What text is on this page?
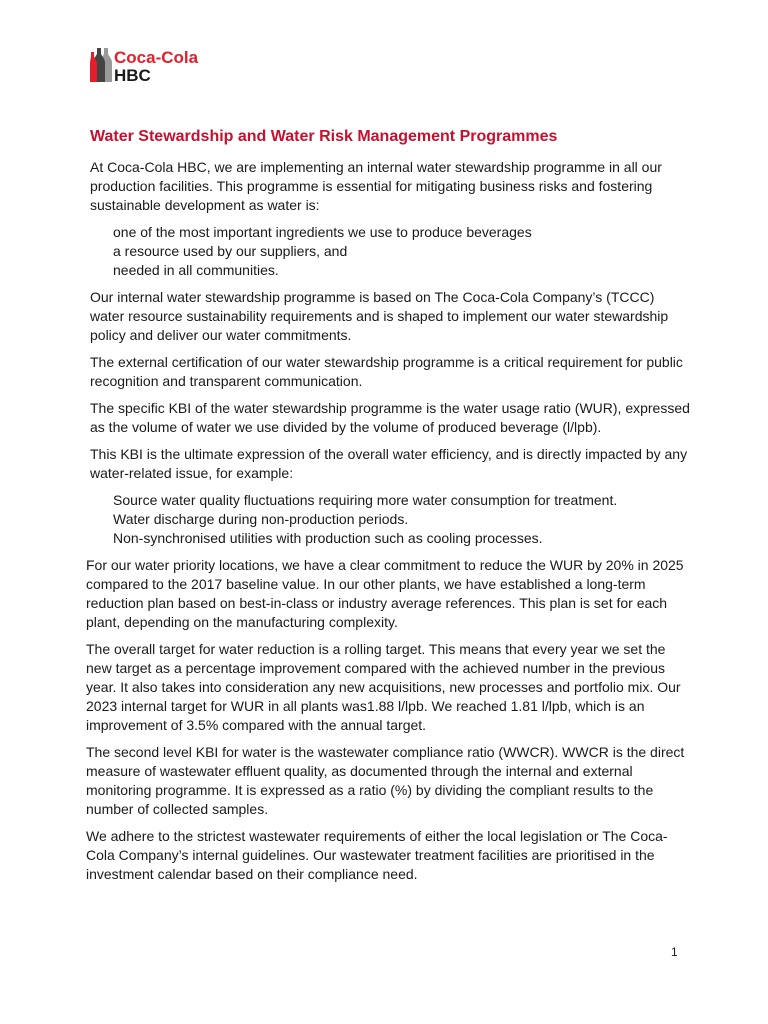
Coca-Cola
HBC
Water Stewardship and Water Risk Management Programmes

At Coca-Cola HBC, we are implementing an internal water stewardship programme in all our production facilities. This programme is essential for mitigating business risks and fostering sustainable development as water is:

one of the most important ingredients we use to produce beverages
a resource used by our suppliers, and
needed in all communities.

Our internal water stewardship programme is based on The Coca-Cola Company’s (TCCC) water resource sustainability requirements and is shaped to implement our water stewardship policy and deliver our water commitments.

The external certification of our water stewardship programme is a critical requirement for public recognition and transparent communication.

The specific KBI of the water stewardship programme is the water usage ratio (WUR), expressed as the volume of water we use divided by the volume of produced beverage (l/lpb).

This KBI is the ultimate expression of the overall water efficiency, and is directly impacted by any water-related issue, for example:

Source water quality fluctuations requiring more water consumption for treatment.
Water discharge during non-production periods.
Non-synchronised utilities with production such as cooling processes.

For our water priority locations, we have a clear commitment to reduce the WUR by 20% in 2025 compared to the 2017 baseline value. In our other plants, we have established a long-term reduction plan based on best-in-class or industry average references. This plan is set for each plant, depending on the manufacturing complexity.

The overall target for water reduction is a rolling target. This means that every year we set the new target as a percentage improvement compared with the achieved number in the previous year. It also takes into consideration any new acquisitions, new processes and portfolio mix. Our 2023 internal target for WUR in all plants was1.88 l/lpb. We reached 1.81 l/lpb, which is an improvement of 3.5% compared with the annual target.

The second level KBI for water is the wastewater compliance ratio (WWCR). WWCR is the direct measure of wastewater effluent quality, as documented through the internal and external monitoring programme. It is expressed as a ratio (%) by dividing the compliant results to the number of collected samples.

We adhere to the strictest wastewater requirements of either the local legislation or The Coca-Cola Company’s internal guidelines. Our wastewater treatment facilities are prioritised in the investment calendar based on their compliance need.

1
